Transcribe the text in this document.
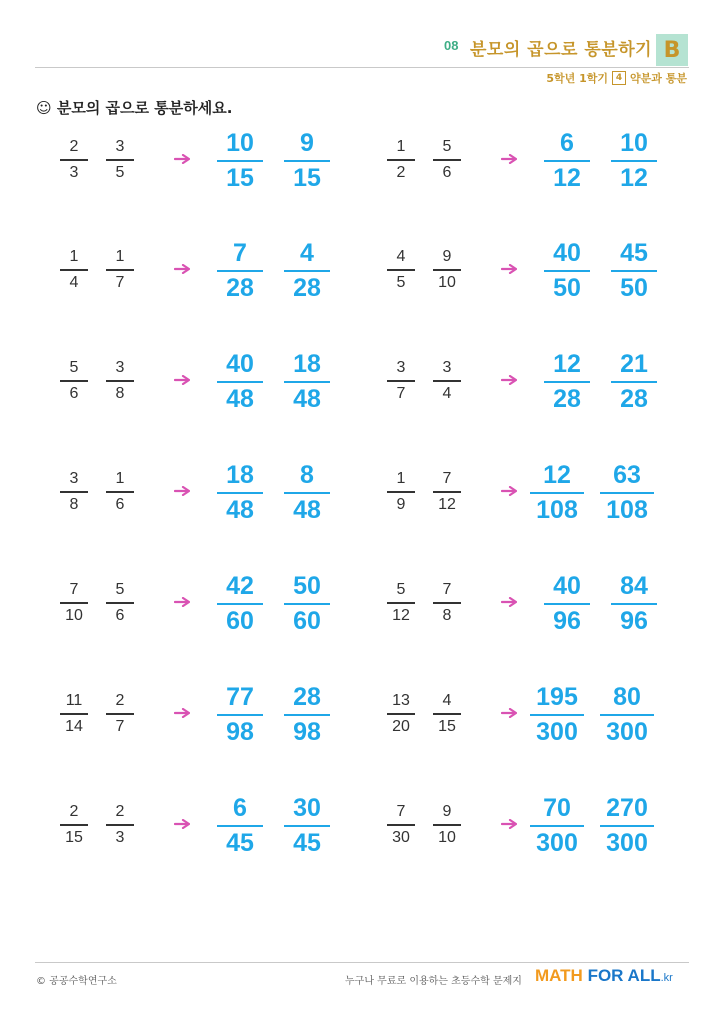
08 분모의 곱으로 통분하기 B
5학년 1학기 4 약분과 통분
☺ 분모의 곱으로 통분하세요.
2
3
3
5
10
15
9
15
1
2
5
6
6
12
10
12
1
4
1
7
7
28
4
28
4
5
9
10
40
50
45
50
5
6
3
8
40
48
18
48
3
7
3
4
12
28
21
28
3
8
1
6
18
48
8
48
1
9
7
12
12
108
63
108
7
10
5
6
42
60
50
60
5
12
7
8
40
96
84
96
11
14
2
7
77
98
28
98
13
20
4
15
195
300
80
300
2
15
2
3
6
45
30
45
7
30
9
10
70
300
270
300
© 공공수학연구소	누구나 무료로 이용하는 초등수학 문제지 MATH FOR ALL.kr
